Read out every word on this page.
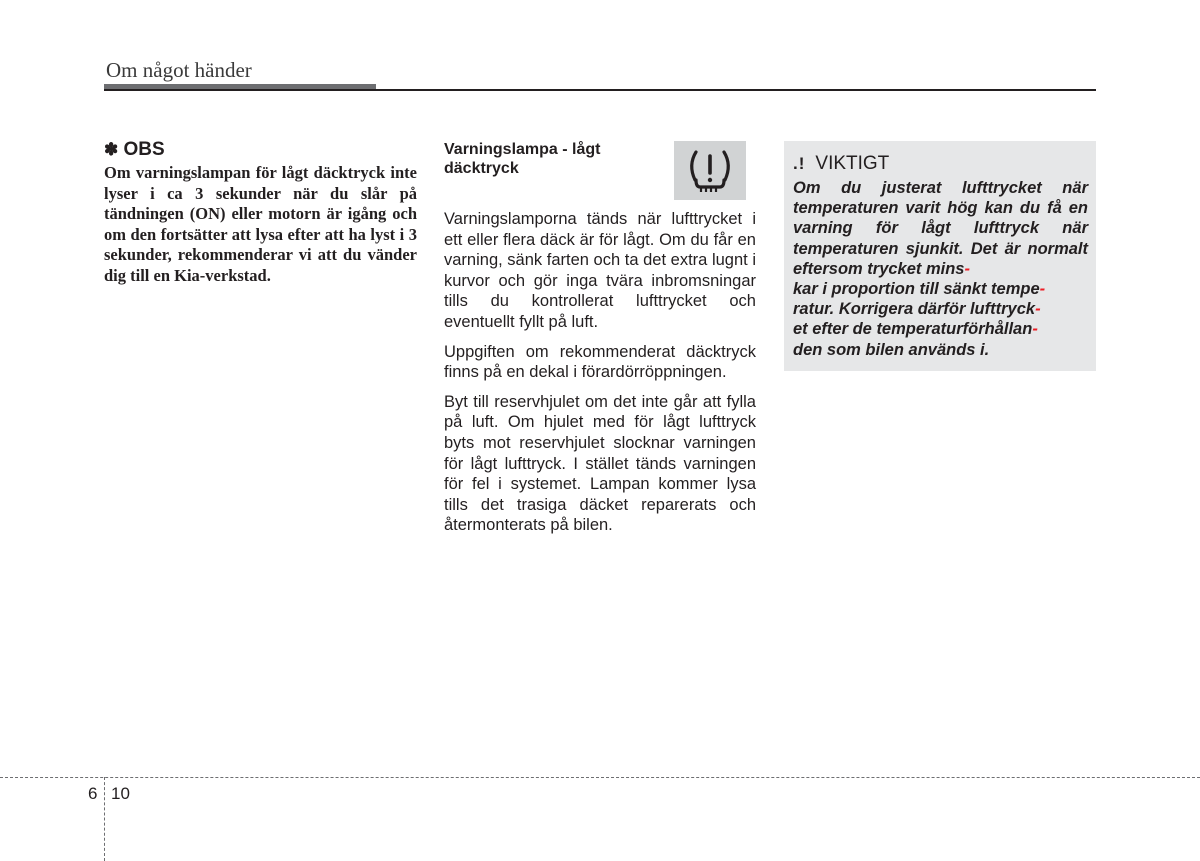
Om något händer
✽ OBS
Om varningslampan för lågt däcktryck inte lyser i ca 3 sekunder när du slår på tändningen (ON) eller motorn är igång och om den fortsätter att lysa efter att ha lyst i 3 sekunder, rekommenderar vi att du vänder dig till en Kia-verkstad.
Varningslampa - lågt däcktryck

Varningslamporna tänds när lufttrycket i ett eller flera däck är för lågt. Om du får en varning, sänk farten och ta det extra lugnt i kurvor och gör inga tvära inbromsningar tills du kontrollerat lufttrycket och eventuellt fyllt på luft.

Uppgiften om rekommenderat däcktryck finns på en dekal i förardörröppningen.

Byt till reservhjulet om det inte går att fylla på luft. Om hjulet med för lågt lufttryck byts mot reservhjulet slocknar varningen för lågt lufttryck. I stället tänds varningen för fel i systemet. Lampan kommer lysa tills det trasiga däcket reparerats och återmonterats på bilen.

.! VIKTIGT
Om du justerat lufttrycket när temperaturen varit hög kan du få en varning för lågt lufttryck när temperaturen sjunkit. Det är normalt eftersom trycket mins-
kar i proportion till sänkt tempe-
ratur. Korrigera därför lufttryck-
et efter de temperaturförhållan-
den som bilen används i.
6 10
